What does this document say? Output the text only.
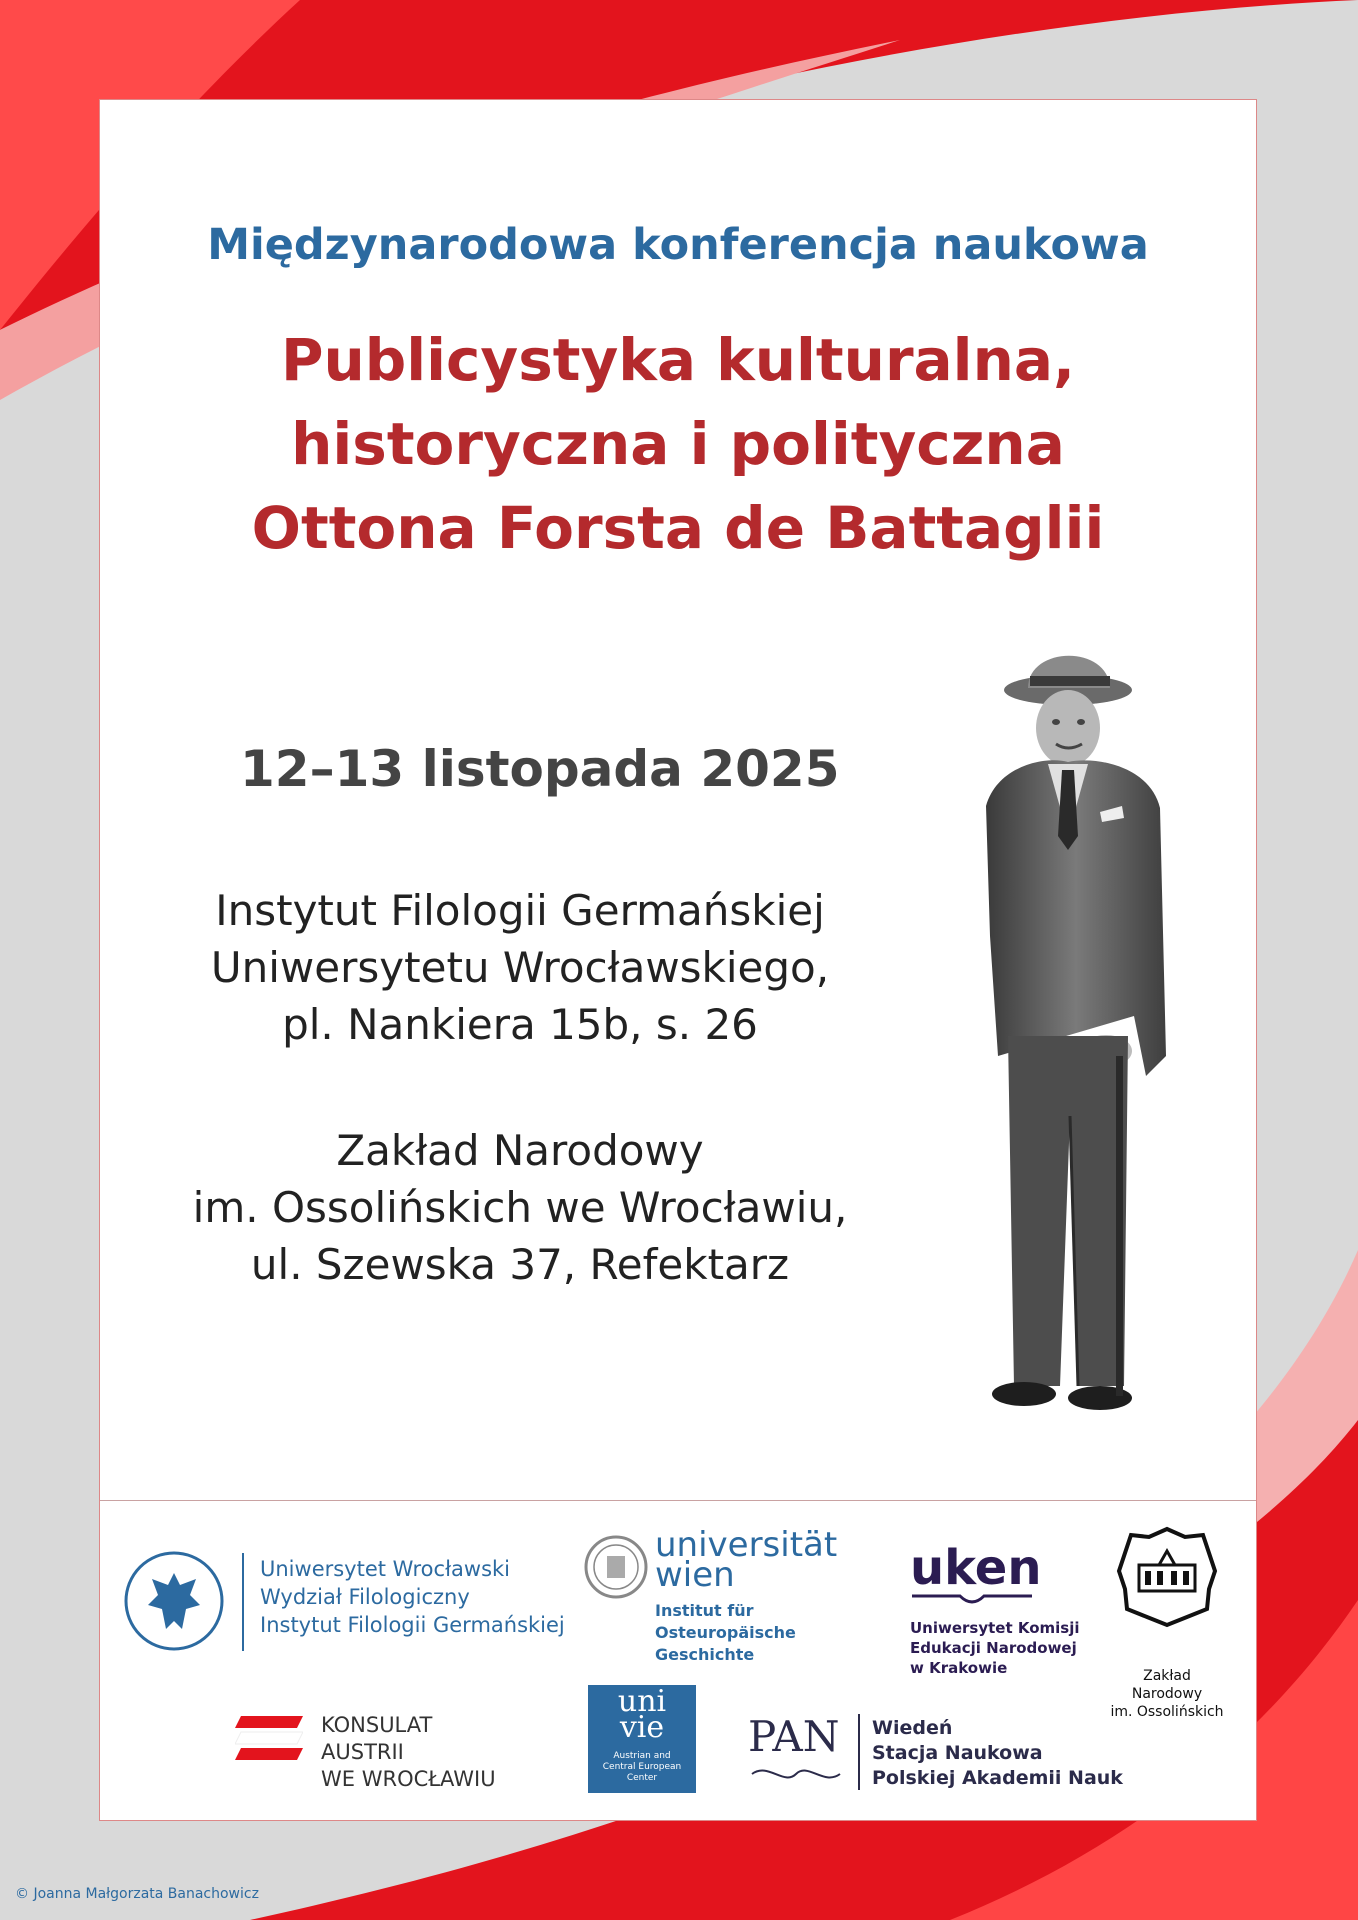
Międzynarodowa konferencja naukowa
Publicystyka kulturalna,
historyczna i polityczna
Ottona Forsta de Battaglii
12–13 listopada 2025
Instytut Filologii Germańskiej
Uniwersytetu Wrocławskiego,
pl. Nankiera 15b, s. 26
Zakład Narodowy
im. Ossolińskich we Wrocławiu,
ul. Szewska 37, Refektarz
Uniwersytet Wrocławski
Wydział Filologiczny
Instytut Filologii Germańskiej
universität
wien
Institut für Osteuropäische
Geschichte
uken
Uniwersytet Komisji
Edukacji Narodowej
w Krakowie	Zakład
Narodowy
im. Ossolińskich
KONSULAT
AUSTRII
WE WROCŁAWIU
uni
vie
Austrian and
Central European
Center
PAN Wiedeń
Stacja Naukowa
Polskiej Akademii Nauk
© Joanna Małgorzata Banachowicz
